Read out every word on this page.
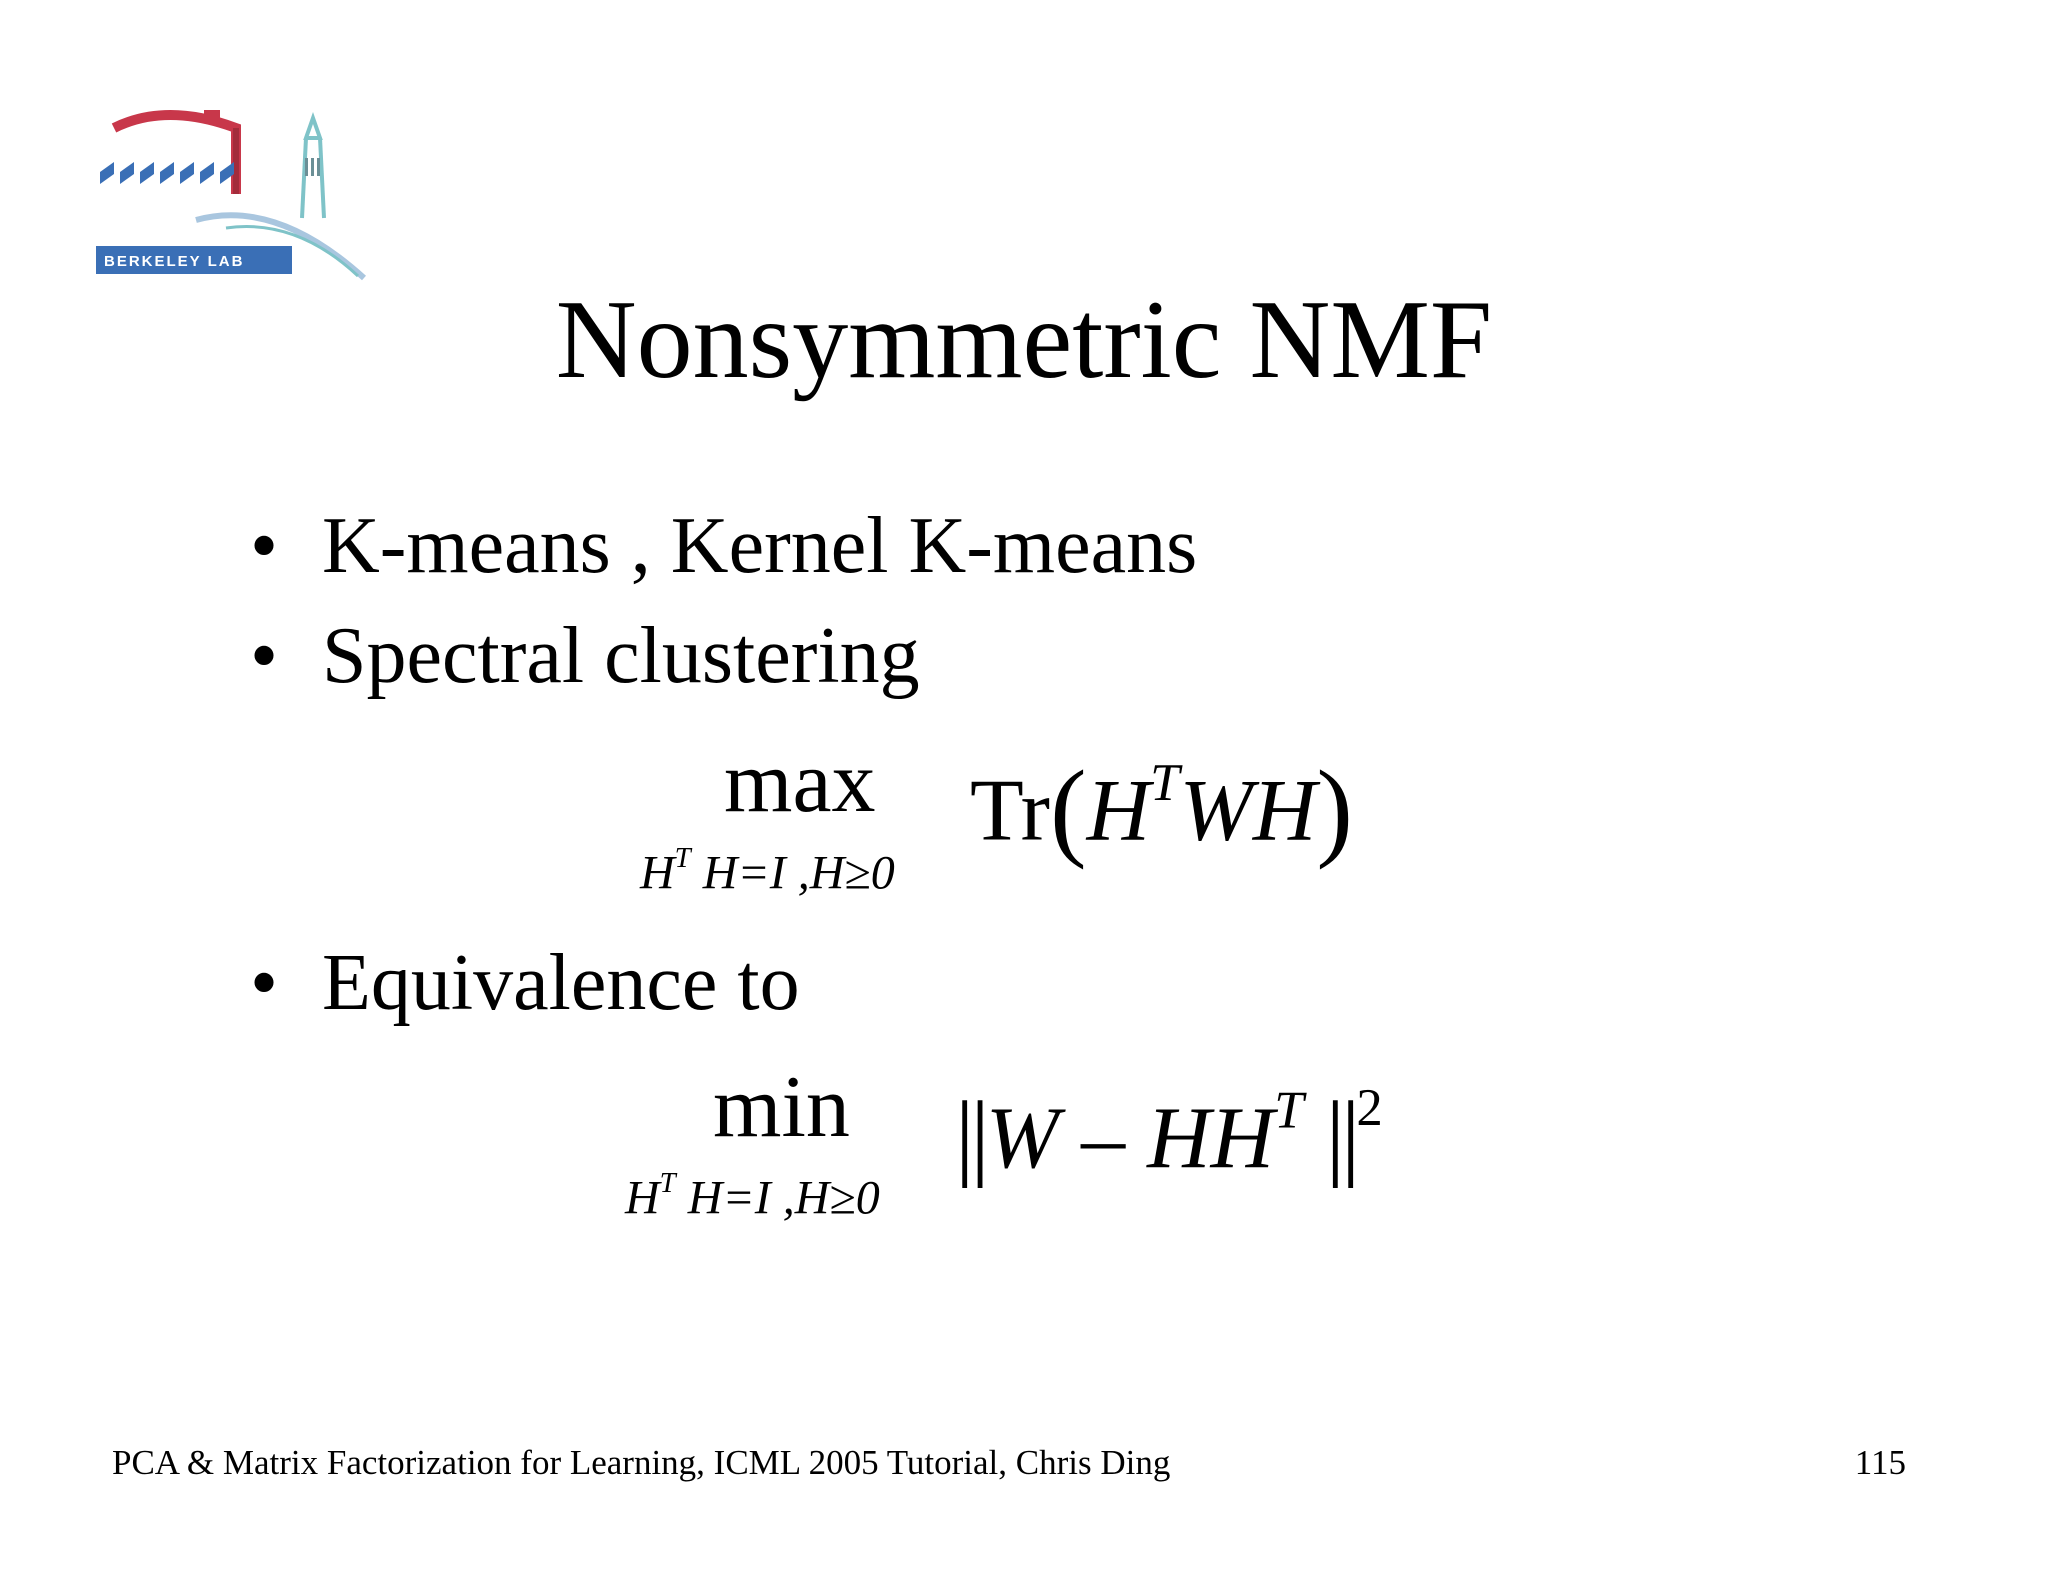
BERKELEY LAB
Nonsymmetric NMF
• K-means , Kernel K-means
• Spectral clustering
• Equivalence to
max
$H^T$ H=I ,H≥0
$Tr(H^TWH)$
min
$H^T$ H=I ,H≥0
$||W - HH^T$ $||^2$
PCA & Matrix Factorization for Learning, ICML 2005 Tutorial, Chris Ding	115
